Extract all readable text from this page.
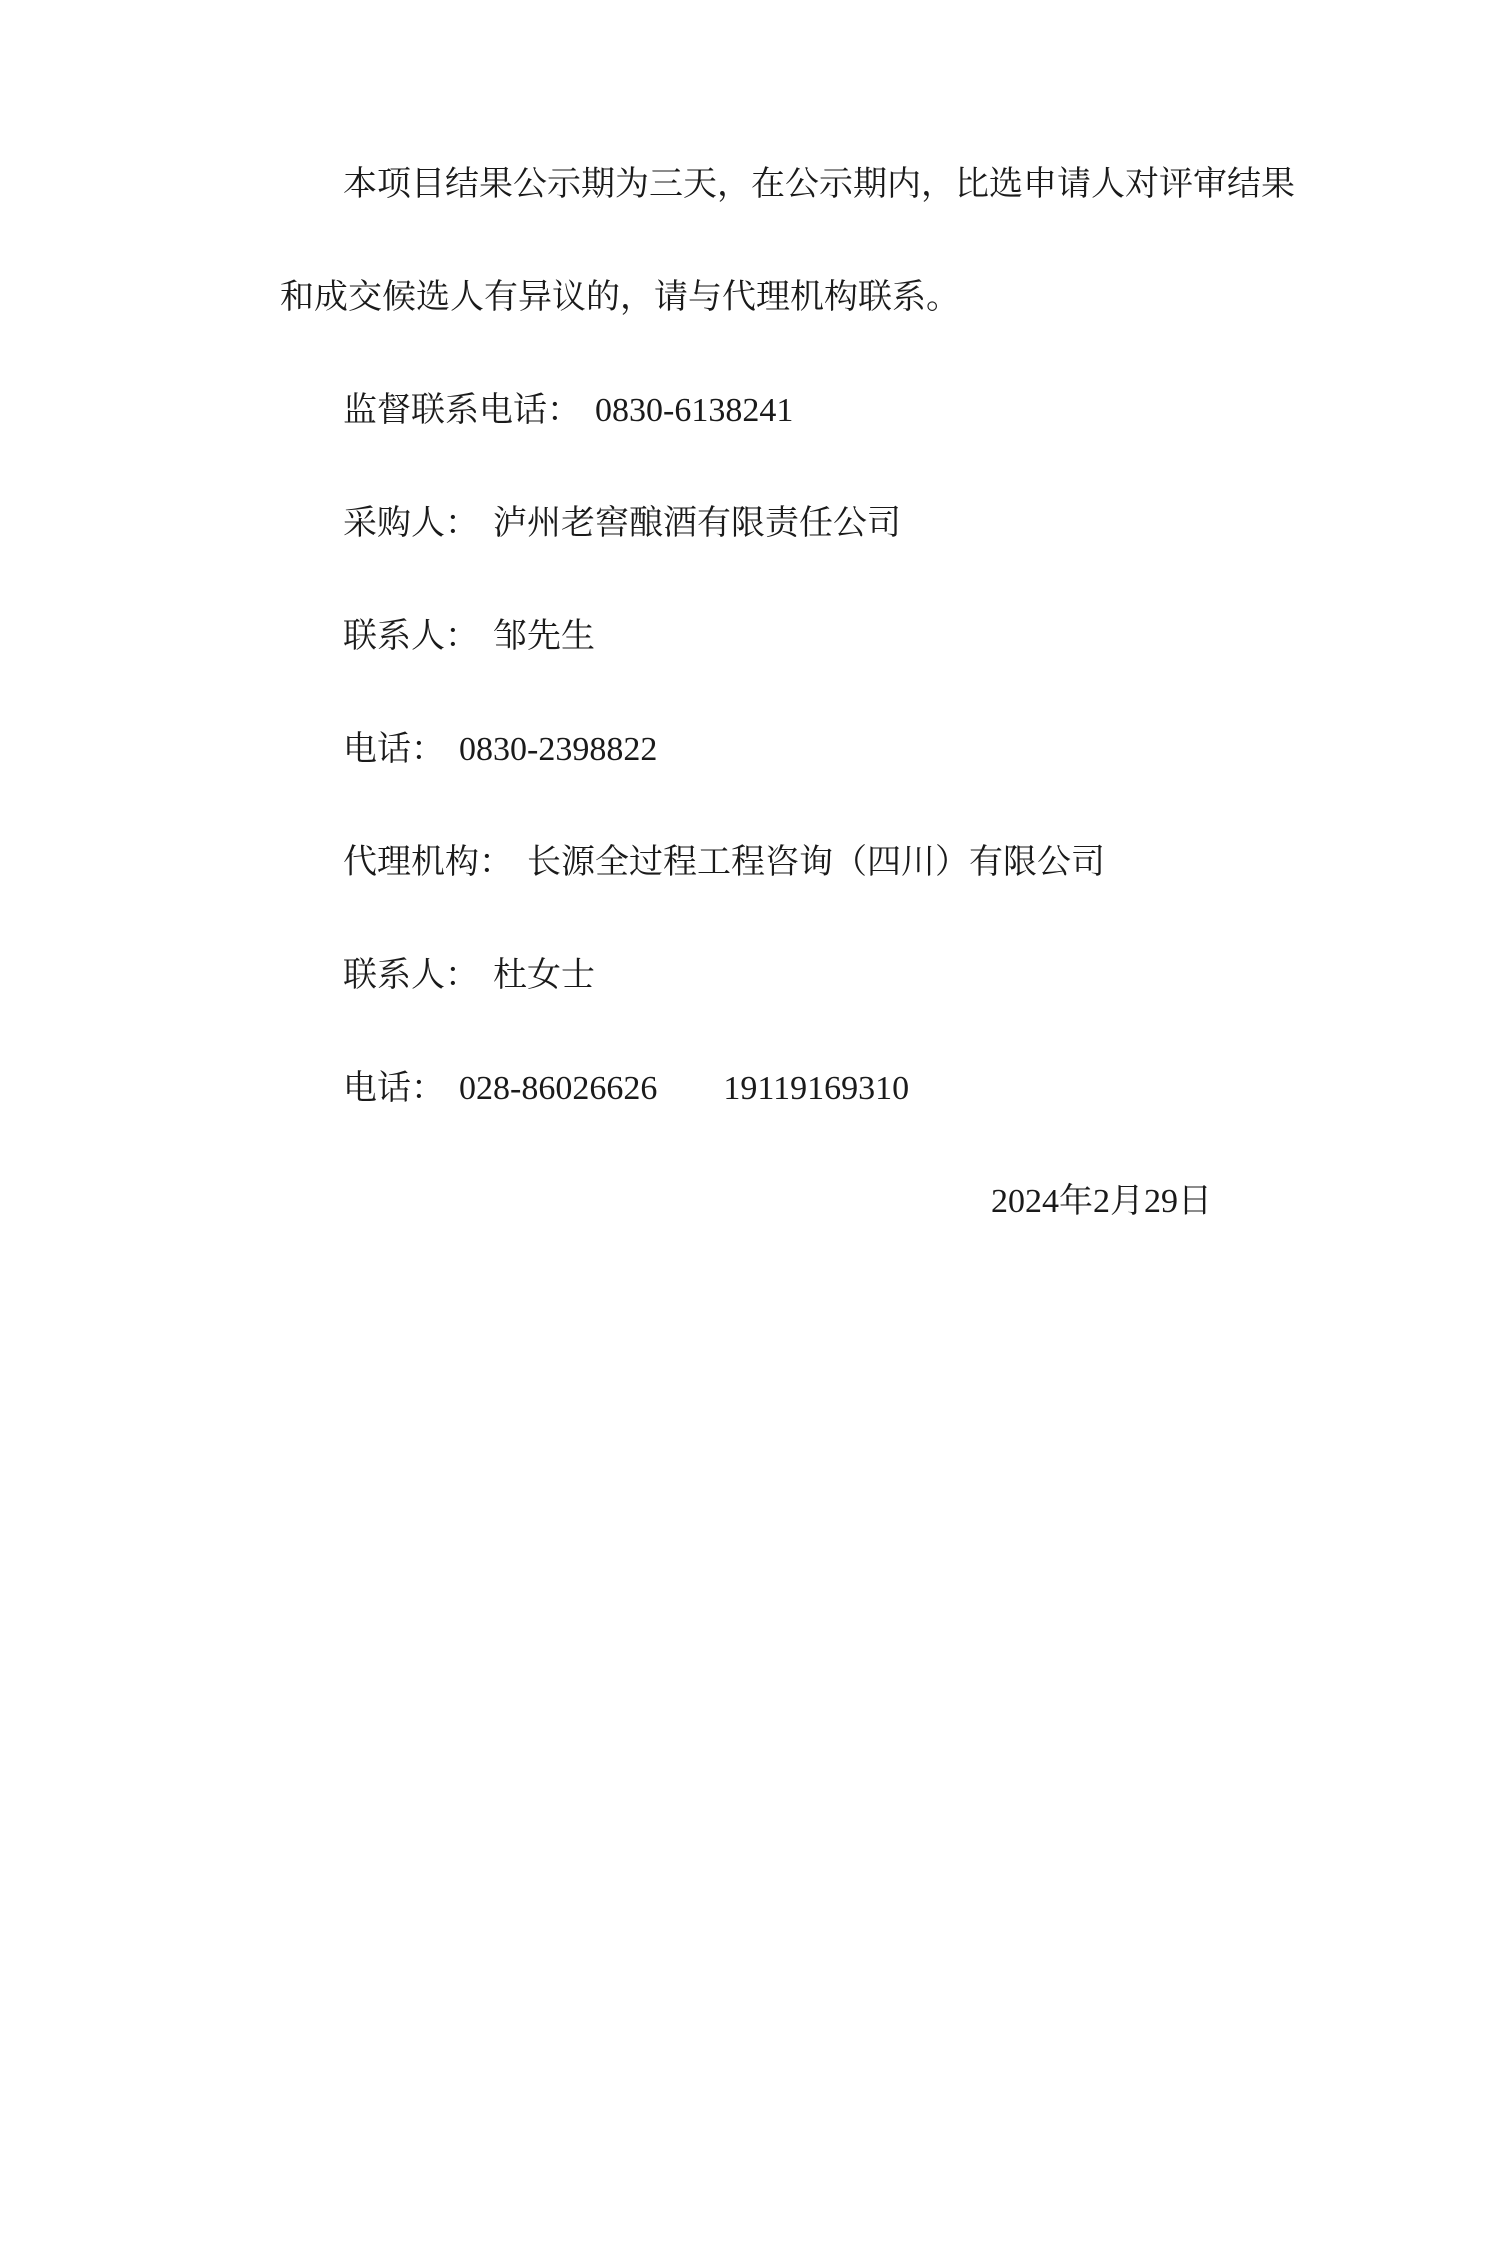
本项目结果公示期为三天，在公示期内，比选申请人对评审结果

和成交候选人有异议的，请与代理机构联系。

监督联系电话： 0830-6138241

采购人： 泸州老窖酿酒有限责任公司

联系人： 邹先生

电话： 0830-2398822

代理机构： 长源全过程工程咨询（四川）有限公司

联系人： 杜女士

电话： 028-86026626 19119169310

2024年2月29日
